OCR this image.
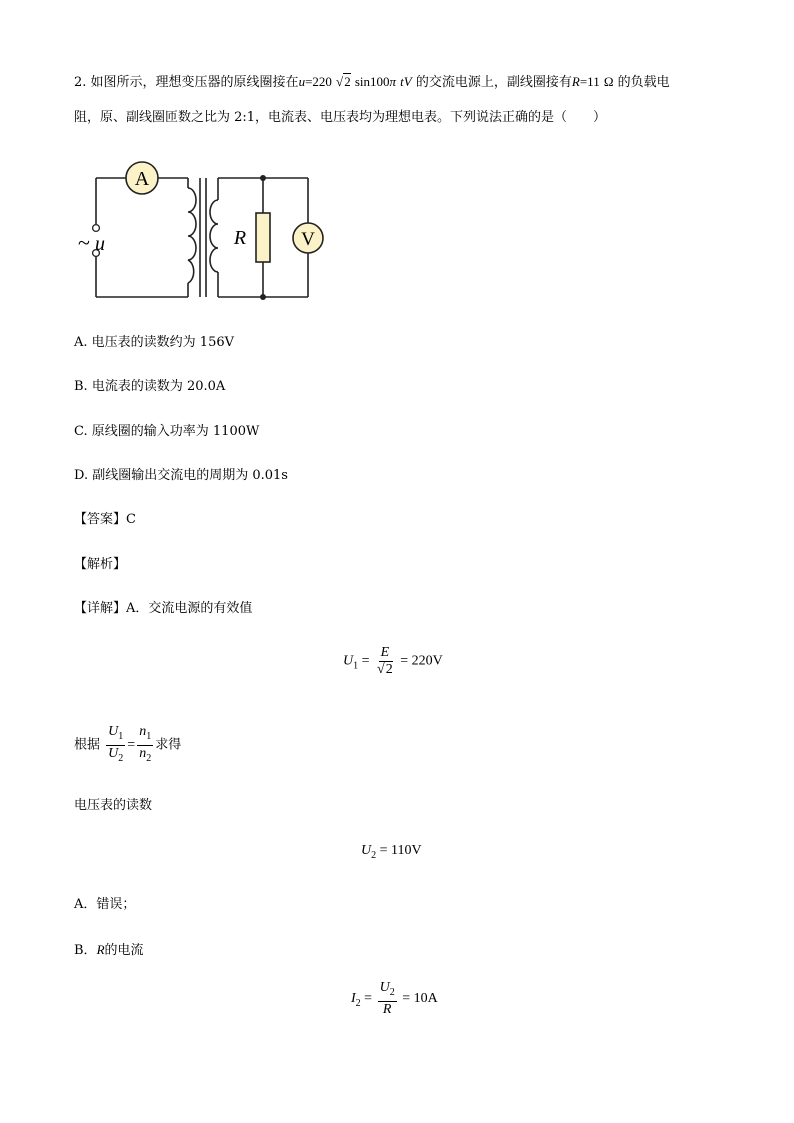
2. 如图所示，理想变压器的原线圈接在u=220 √2 sin100π tV 的交流电源上，副线圈接有R=11 Ω 的负载电
阻，原、副线圈匝数之比为 2:1，电流表、电压表均为理想电表。下列说法正确的是（　　）
A
V
R
~ u
A. 电压表的读数约为 156V
B. 电流表的读数为 20.0A
C. 原线圈的输入功率为 1100W
D. 副线圈输出交流电的周期为 0.01s
【答案】C
【解析】
【详解】A．交流电源的有效值
$U_1 = \frac{E}{√2} = 220V$
根据 $\frac{U_1}{U_2} = \frac{n_1}{n_2}$ 求得
电压表的读数
$U_2 = 110V$
A．错误；
B．R的电流
$I_2 = \frac{U_2}{R} = 10A$
